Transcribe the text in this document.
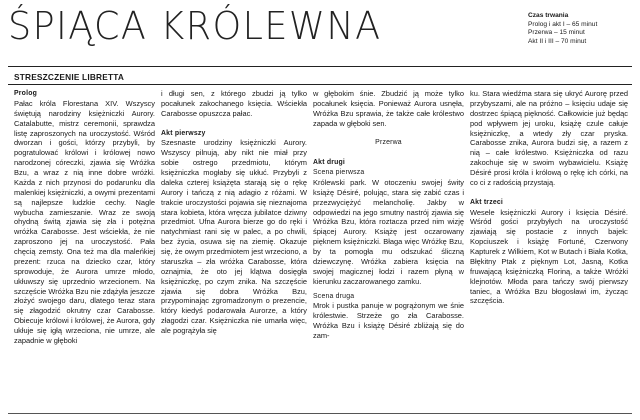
ŚPIĄCA KRÓLEWNA	Czas trwania
Prolog i akt I – 65 minut
Przerwa – 15 minut
Akt II i III – 70 minut
STRESZCZENIE LIBRETTA
Prolog

Pałac króla Florestana XIV. Wszyscy świętują narodziny księżniczki Aurory. Catalabutte, mistrz ceremonii, sprawdza listę zaproszonych na uroczystość. Wśród dworzan i gości, którzy przybyli, by pogratulować królowi i królowej nowo narodzonej córeczki, zjawia się Wróżka Bzu, a wraz z nią inne dobre wróżki. Każda z nich przynosi do podarunku dla malenkiej księżniczki, a owymi prezentami są najlepsze ludzkie cechy. Nagle wybucha zamieszanie. Wraz ze swoją ohydną świtą zjawia się zła i potężna wróżka Carabosse. Jest wściekła, że nie zaproszono jej na uroczystość. Pała chęcią zemsty. Ona też ma dla maleńkiej prezent: rzuca na dziecko czar, który sprowoduje, że Aurora umrze młodo, ukłuwszy się uprzednio wrzecionem. Na szczęście Wróżka Bzu nie zdążyła jeszcze złożyć swojego daru, dlatego teraz stara się złagodzić okrutny czar Carabosse. Obiecuje królowi i królowej, że Aurora, gdy ukłuje się igłą wrzeciona, nie umrze, ale zapadnie w głęboki

i długi sen, z którego zbudzi ją tylko pocałunek zakochanego księcia. Wściekła Carabosse opuszcza pałac.

Akt pierwszy

Szesnaste urodziny księżniczki Aurory. Wszyscy pilnują, aby nikt nie miał przy sobie ostrego przedmiotu, którym księżniczka mogłaby się ukłuć. Przybyli z daleka czterej książęta starają się o rękę Aurory i tańczą z nią adagio z różami. W trakcie uroczystości pojawia się nieznajoma stara kobieta, która wręcza jubilatce dziwny przedmiot. Ufna Aurora bierze go do ręki i natychmiast rani się w palec, a po chwili, bez życia, osuwa się na ziemię. Okazuje się, że owym przedmiotem jest wrzeciono, a staruszka – zła wróżka Carabosse, która oznajmia, że oto jej klątwa dosięgła księżniczkę, po czym znika. Na szczęście zjawia się dobra Wróżka Bzu, przypominając zgromadzonym o prezencie, który kiedyś podarowała Aurorze, a który złagodzi czar. Księżniczka nie umarła więc, ale pogrążyła się

w głębokim śnie. Zbudzić ją może tylko pocałunek księcia. Ponieważ Aurora usnęła, Wróżka Bzu sprawia, że także całe królestwo zapada w głęboki sen.

Przerwa
Akt drugi
Scena pierwsza

Królewski park. W otoczeniu swojej świty książę Désiré, polując, stara się zabić czas i przezwyciężyć melancholię. Jakby w odpowiedzi na jego smutny nastrój zjawia się Wróżka Bzu, która roztacza przed nim wizję śpiącej Aurory. Książę jest oczarowany pięknem księżniczki. Błaga więc Wróżkę Bzu, by ta pomogła mu odszukać śliczną dziewczynę. Wróżka zabiera księcia na swojej magicznej łodzi i razem płyną w kierunku zaczarowanego zamku.

Scena druga

Mrok i pustka panuje w pogrążonym we śnie królestwie. Strzeże go zła Carabosse. Wróżka Bzu i książę Désiré zbliżają się do zam-

ku. Stara wiedźma stara się ukryć Aurorę przed przybyszami, ale na próżno – księciu udaje się dostrzec śpiącą piękność. Całkowicie już będąc pod wpływem jej uroku, książę czule całuje księżniczkę, a wtedy zły czar pryska. Carabosse znika, Aurora budzi się, a razem z nią – całe królestwo. Księżniczka od razu zakochuje się w swoim wybawicielu. Książę Désiré prosi króla i królową o rękę ich córki, na co ci z radością przystają.

Akt trzeci

Wesele księżniczki Aurory i księcia Désiré. Wśród gości przybyłych na uroczystość zjawiają się postacie z innych bajek: Kopciuszek i książę Fortuné, Czerwony Kapturek z Wilkiem, Kot w Butach i Biała Kotka, Błękitny Ptak z pięknym Lot, Jasną, Kotka fruwającą księżniczką Floriną, a także Wróżki klejnotów. Młoda para tańczy swój pierwszy taniec, a Wróżka Bzu błogosławi im, życząc szczęścia.
